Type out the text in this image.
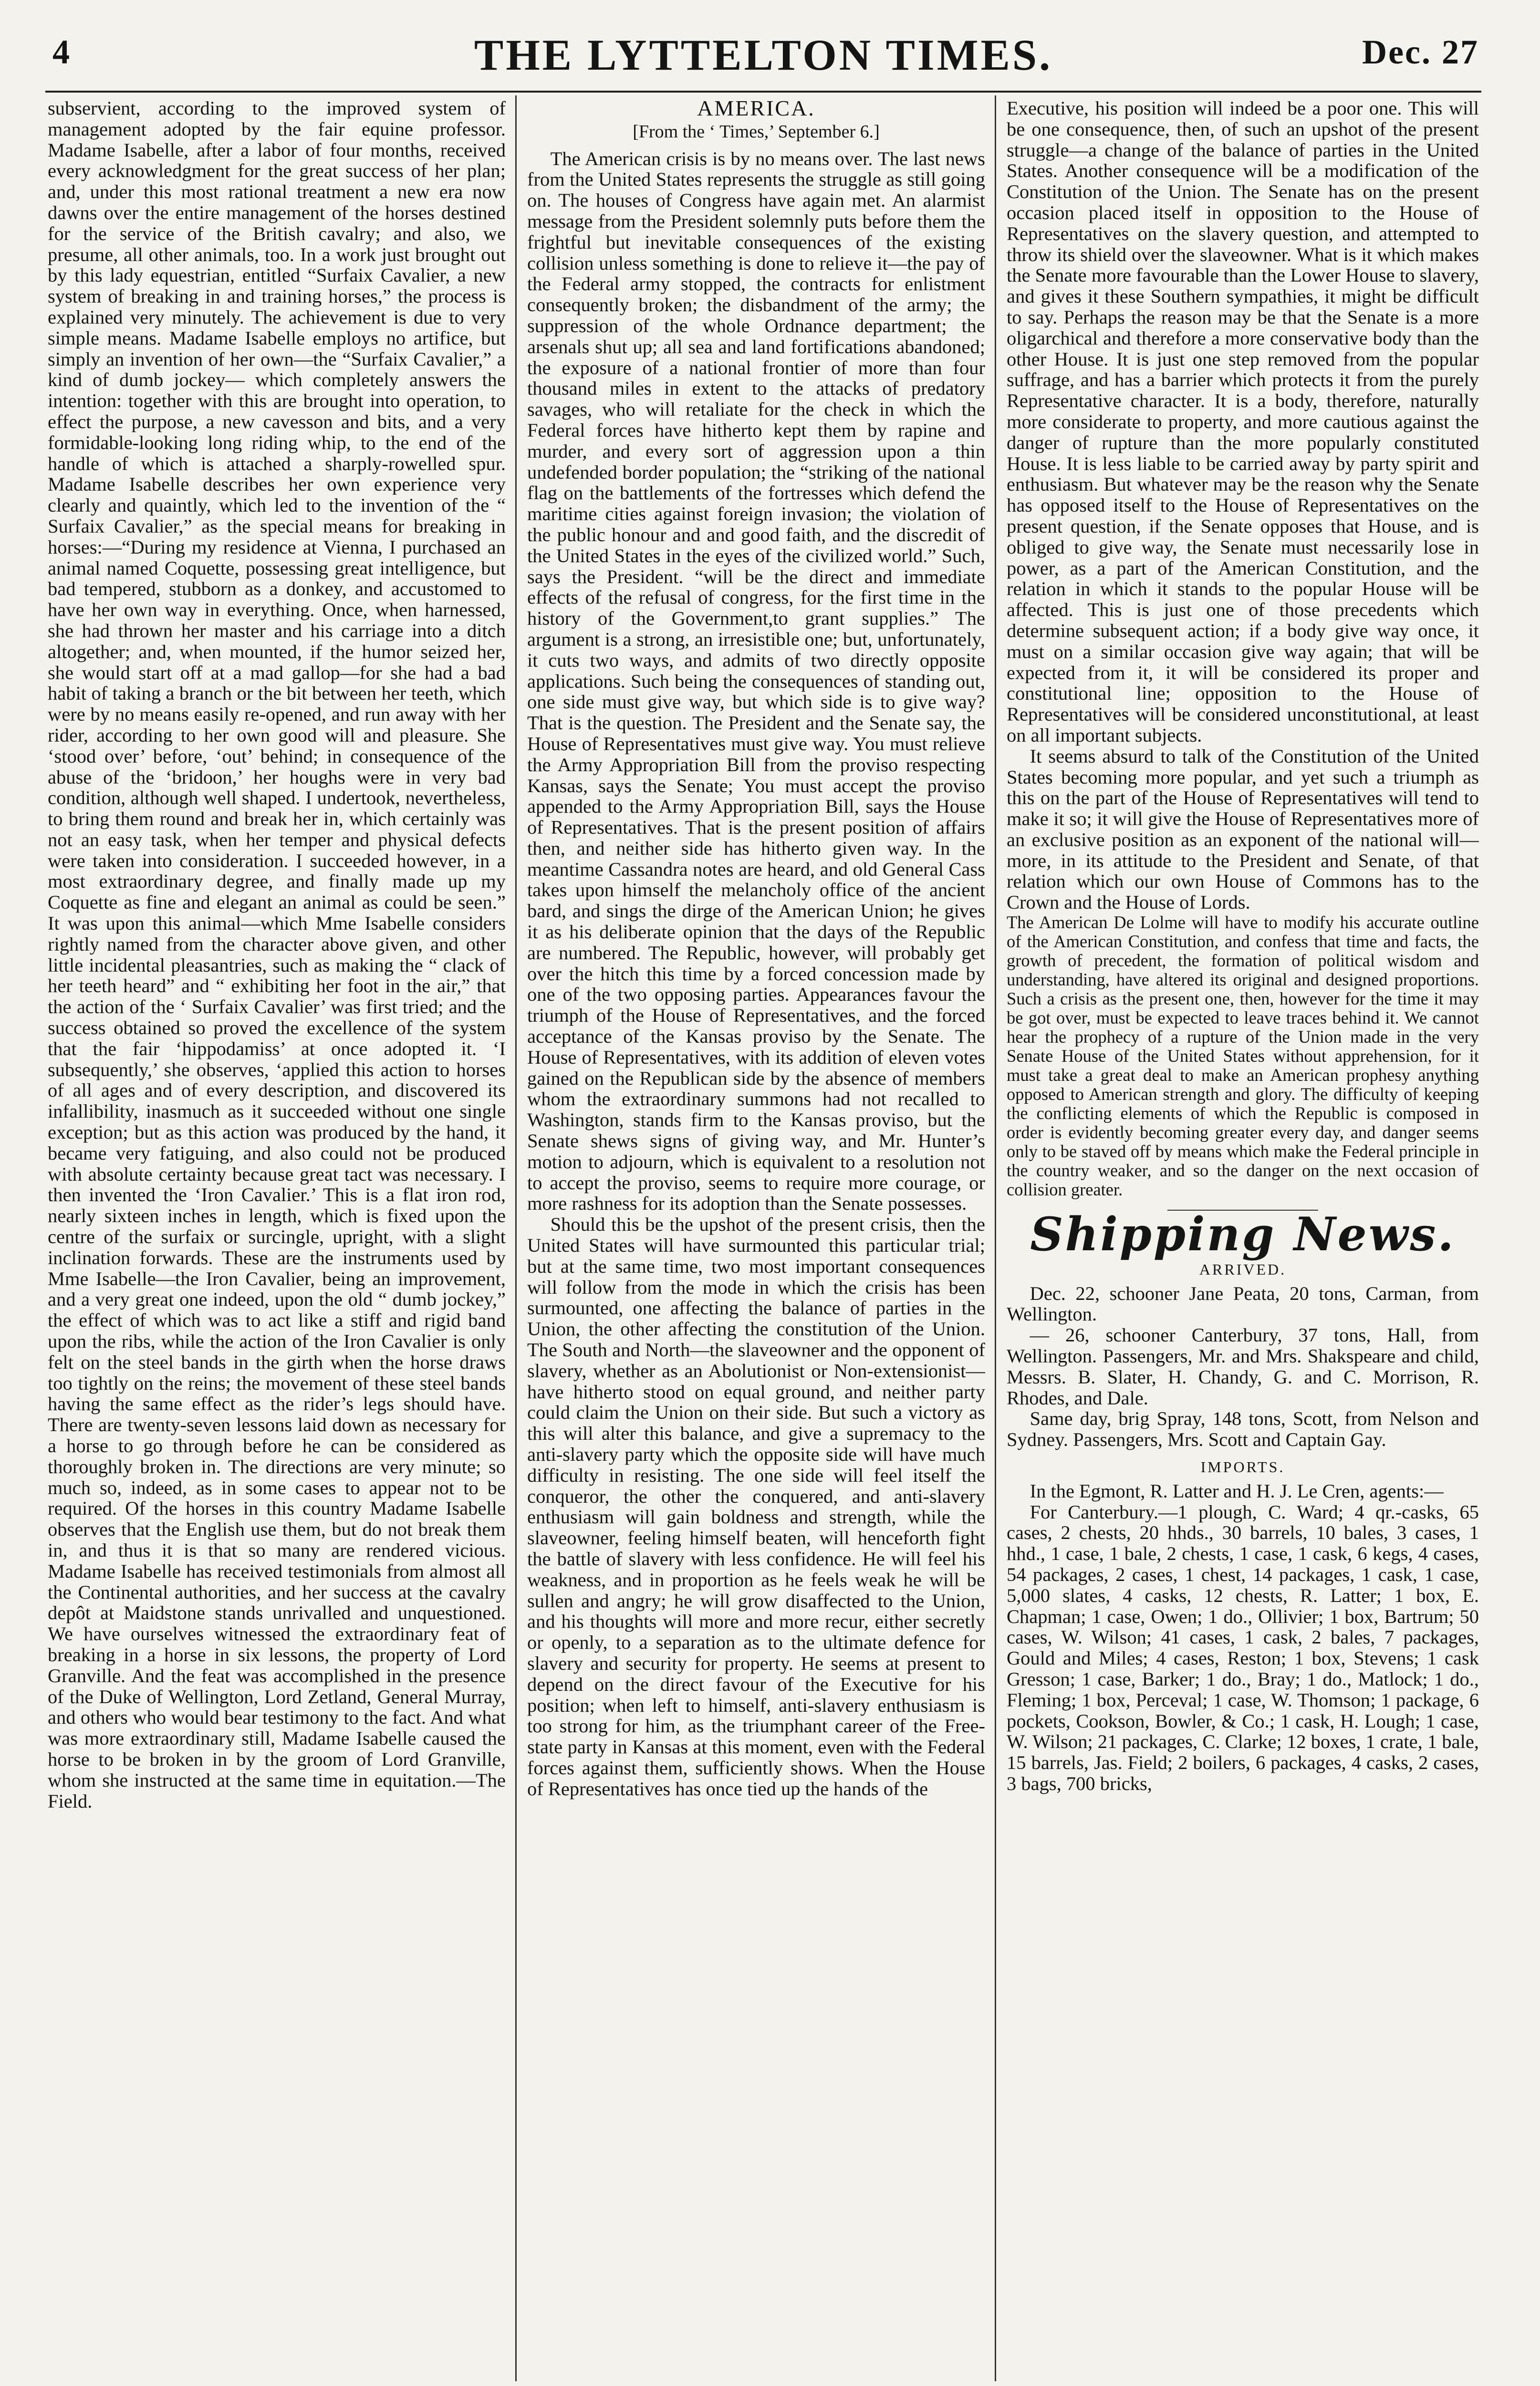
4	THE LYTTELTON TIMES.	Dec. 27

subservient, according to the improved system of management adopted by the fair equine professor. Madame Isabelle, after a labor of four months, received every acknowledgment for the great success of her plan; and, under this most rational treatment a new era now dawns over the entire management of the horses destined for the service of the British cavalry; and also, we presume, all other animals, too. In a work just brought out by this lady equestrian, entitled “Surfaix Cavalier, a new system of breaking in and training horses,” the process is explained very minutely. The achievement is due to very simple means. Madame Isabelle employs no artifice, but simply an invention of her own—the “Surfaix Cavalier,” a kind of dumb jockey— which completely answers the intention: together with this are brought into operation, to effect the purpose, a new cavesson and bits, and a very formidable-looking long riding whip, to the end of the handle of which is attached a sharply-rowelled spur. Madame Isabelle describes her own experience very clearly and quaintly, which led to the invention of the “ Surfaix Cavalier,” as the special means for breaking in horses:—“During my residence at Vienna, I purchased an animal named Coquette, possessing great intelligence, but bad tempered, stubborn as a donkey, and accustomed to have her own way in everything. Once, when harnessed, she had thrown her master and his carriage into a ditch altogether; and, when mounted, if the humor seized her, she would start off at a mad gallop—for she had a bad habit of taking a branch or the bit between her teeth, which were by no means easily re-opened, and run away with her rider, according to her own good will and pleasure. She ‘stood over’ before, ‘out’ behind; in consequence of the abuse of the ‘bridoon,’ her houghs were in very bad condition, although well shaped. I undertook, nevertheless, to bring them round and break her in, which certainly was not an easy task, when her temper and physical defects were taken into consideration. I succeeded however, in a most extraordinary degree, and finally made up my Coquette as fine and elegant an animal as could be seen.” It was upon this animal—which Mme Isabelle considers rightly named from the character above given, and other little incidental pleasantries, such as making the “ clack of her teeth heard” and “ exhibiting her foot in the air,” that the action of the ‘ Surfaix Cavalier’ was first tried; and the success obtained so proved the excellence of the system that the fair ‘hippodamiss’ at once adopted it. ‘I subsequently,’ she observes, ‘applied this action to horses of all ages and of every description, and discovered its infallibility, inasmuch as it succeeded without one single exception; but as this action was produced by the hand, it became very fatiguing, and also could not be produced with absolute certainty because great tact was necessary. I then invented the ‘Iron Cavalier.’ This is a flat iron rod, nearly sixteen inches in length, which is fixed upon the centre of the surfaix or surcingle, upright, with a slight inclination forwards. These are the instruments used by Mme Isabelle—the Iron Cavalier, being an improvement, and a very great one indeed, upon the old “ dumb jockey,” the effect of which was to act like a stiff and rigid band upon the ribs, while the action of the Iron Cavalier is only felt on the steel bands in the girth when the horse draws too tightly on the reins; the movement of these steel bands having the same effect as the rider’s legs should have. There are twenty-seven lessons laid down as necessary for a horse to go through before he can be considered as thoroughly broken in. The directions are very minute; so much so, indeed, as in some cases to appear not to be required. Of the horses in this country Madame Isabelle observes that the English use them, but do not break them in, and thus it is that so many are rendered vicious. Madame Isabelle has received testimonials from almost all the Continental authorities, and her success at the cavalry depôt at Maidstone stands unrivalled and unquestioned. We have ourselves witnessed the extraordinary feat of breaking in a horse in six lessons, the property of Lord Granville. And the feat was accomplished in the presence of the Duke of Wellington, Lord Zetland, General Murray, and others who would bear testimony to the fact. And what was more extraordinary still, Madame Isabelle caused the horse to be broken in by the groom of Lord Granville, whom she instructed at the same time in equitation.—The Field.

AMERICA.
[From the ‘ Times,’ September 6.]

The American crisis is by no means over. The last news from the United States represents the struggle as still going on. The houses of Congress have again met. An alarmist message from the President solemnly puts before them the frightful but inevitable consequences of the existing collision unless something is done to relieve it—the pay of the Federal army stopped, the contracts for enlistment consequently broken; the disbandment of the army; the suppression of the whole Ordnance department; the arsenals shut up; all sea and land fortifications abandoned; the exposure of a national frontier of more than four thousand miles in extent to the attacks of predatory savages, who will retaliate for the check in which the Federal forces have hitherto kept them by rapine and murder, and every sort of aggression upon a thin undefended border population; the “striking of the national flag on the battlements of the fortresses which defend the maritime cities against foreign invasion; the violation of the public honour and and good faith, and the discredit of the United States in the eyes of the civilized world.” Such, says the President. “will be the direct and immediate effects of the refusal of congress, for the first time in the history of the Government,to grant supplies.” The argument is a strong, an irresistible one; but, unfortunately, it cuts two ways, and admits of two directly opposite applications. Such being the consequences of standing out, one side must give way, but which side is to give way? That is the question. The President and the Senate say, the House of Representatives must give way. You must relieve the Army Appropriation Bill from the proviso respecting Kansas, says the Senate; You must accept the proviso appended to the Army Appropriation Bill, says the House of Representatives. That is the present position of affairs then, and neither side has hitherto given way. In the meantime Cassandra notes are heard, and old General Cass takes upon himself the melancholy office of the ancient bard, and sings the dirge of the American Union; he gives it as his deliberate opinion that the days of the Republic are numbered. The Republic, however, will probably get over the hitch this time by a forced concession made by one of the two opposing parties. Appearances favour the triumph of the House of Representatives, and the forced acceptance of the Kansas proviso by the Senate. The House of Representatives, with its addition of eleven votes gained on the Republican side by the absence of members whom the extraordinary summons had not recalled to Washington, stands firm to the Kansas proviso, but the Senate shews signs of giving way, and Mr. Hunter’s motion to adjourn, which is equivalent to a resolution not to accept the proviso, seems to require more courage, or more rashness for its adoption than the Senate possesses.

Should this be the upshot of the present crisis, then the United States will have surmounted this particular trial; but at the same time, two most important consequences will follow from the mode in which the crisis has been surmounted, one affecting the balance of parties in the Union, the other affecting the constitution of the Union. The South and North—the slaveowner and the opponent of slavery, whether as an Abolutionist or Non-extensionist—have hitherto stood on equal ground, and neither party could claim the Union on their side. But such a victory as this will alter this balance, and give a supremacy to the anti-slavery party which the opposite side will have much difficulty in resisting. The one side will feel itself the conqueror, the other the conquered, and anti-slavery enthusiasm will gain boldness and strength, while the slaveowner, feeling himself beaten, will henceforth fight the battle of slavery with less confidence. He will feel his weakness, and in proportion as he feels weak he will be sullen and angry; he will grow disaffected to the Union, and his thoughts will more and more recur, either secretly or openly, to a separation as to the ultimate defence for slavery and security for property. He seems at present to depend on the direct favour of the Executive for his position; when left to himself, anti-slavery enthusiasm is too strong for him, as the triumphant career of the Free-state party in Kansas at this moment, even with the Federal forces against them, sufficiently shows. When the House of Representatives has once tied up the hands of the

Executive, his position will indeed be a poor one. This will be one consequence, then, of such an upshot of the present struggle—a change of the balance of parties in the United States. Another consequence will be a modification of the Constitution of the Union. The Senate has on the present occasion placed itself in opposition to the House of Representatives on the slavery question, and attempted to throw its shield over the slaveowner. What is it which makes the Senate more favourable than the Lower House to slavery, and gives it these Southern sympathies, it might be difficult to say. Perhaps the reason may be that the Senate is a more oligarchical and therefore a more conservative body than the other House. It is just one step removed from the popular suffrage, and has a barrier which protects it from the purely Representative character. It is a body, therefore, naturally more considerate to property, and more cautious against the danger of rupture than the more popularly constituted House. It is less liable to be carried away by party spirit and enthusiasm. But whatever may be the reason why the Senate has opposed itself to the House of Representatives on the present question, if the Senate opposes that House, and is obliged to give way, the Senate must necessarily lose in power, as a part of the American Constitution, and the relation in which it stands to the popular House will be affected. This is just one of those precedents which determine subsequent action; if a body give way once, it must on a similar occasion give way again; that will be expected from it, it will be considered its proper and constitutional line; opposition to the House of Representatives will be considered unconstitutional, at least on all important subjects.

It seems absurd to talk of the Constitution of the United States becoming more popular, and yet such a triumph as this on the part of the House of Representatives will tend to make it so; it will give the House of Representatives more of an exclusive position as an exponent of the national will—more, in its attitude to the President and Senate, of that relation which our own House of Commons has to the Crown and the House of Lords.

The American De Lolme will have to modify his accurate outline of the American Constitution, and confess that time and facts, the growth of precedent, the formation of political wisdom and understanding, have altered its original and designed proportions. Such a crisis as the present one, then, however for the time it may be got over, must be expected to leave traces behind it. We cannot hear the prophecy of a rupture of the Union made in the very Senate House of the United States without apprehension, for it must take a great deal to make an American prophesy anything opposed to American strength and glory. The difficulty of keeping the conflicting elements of which the Republic is composed in order is evidently becoming greater every day, and danger seems only to be staved off by means which make the Federal principle in the country weaker, and so the danger on the next occasion of collision greater.

Shipping News.
ARRIVED.

Dec. 22, schooner Jane Peata, 20 tons, Carman, from Wellington.

— 26, schooner Canterbury, 37 tons, Hall, from Wellington. Passengers, Mr. and Mrs. Shakspeare and child, Messrs. B. Slater, H. Chandy, G. and C. Morrison, R. Rhodes, and Dale.

Same day, brig Spray, 148 tons, Scott, from Nelson and Sydney. Passengers, Mrs. Scott and Captain Gay.

IMPORTS.

In the Egmont, R. Latter and H. J. Le Cren, agents:—

For Canterbury.—1 plough, C. Ward; 4 qr.-casks, 65 cases, 2 chests, 20 hhds., 30 barrels, 10 bales, 3 cases, 1 hhd., 1 case, 1 bale, 2 chests, 1 case, 1 cask, 6 kegs, 4 cases, 54 packages, 2 cases, 1 chest, 14 packages, 1 cask, 1 case, 5,000 slates, 4 casks, 12 chests, R. Latter; 1 box, E. Chapman; 1 case, Owen; 1 do., Ollivier; 1 box, Bartrum; 50 cases, W. Wilson; 41 cases, 1 cask, 2 bales, 7 packages, Gould and Miles; 4 cases, Reston; 1 box, Stevens; 1 cask Gresson; 1 case, Barker; 1 do., Bray; 1 do., Matlock; 1 do., Fleming; 1 box, Perceval; 1 case, W. Thomson; 1 package, 6 pockets, Cookson, Bowler, & Co.; 1 cask, H. Lough; 1 case, W. Wilson; 21 packages, C. Clarke; 12 boxes, 1 crate, 1 bale, 15 barrels, Jas. Field; 2 boilers, 6 packages, 4 casks, 2 cases, 3 bags, 700 bricks,
